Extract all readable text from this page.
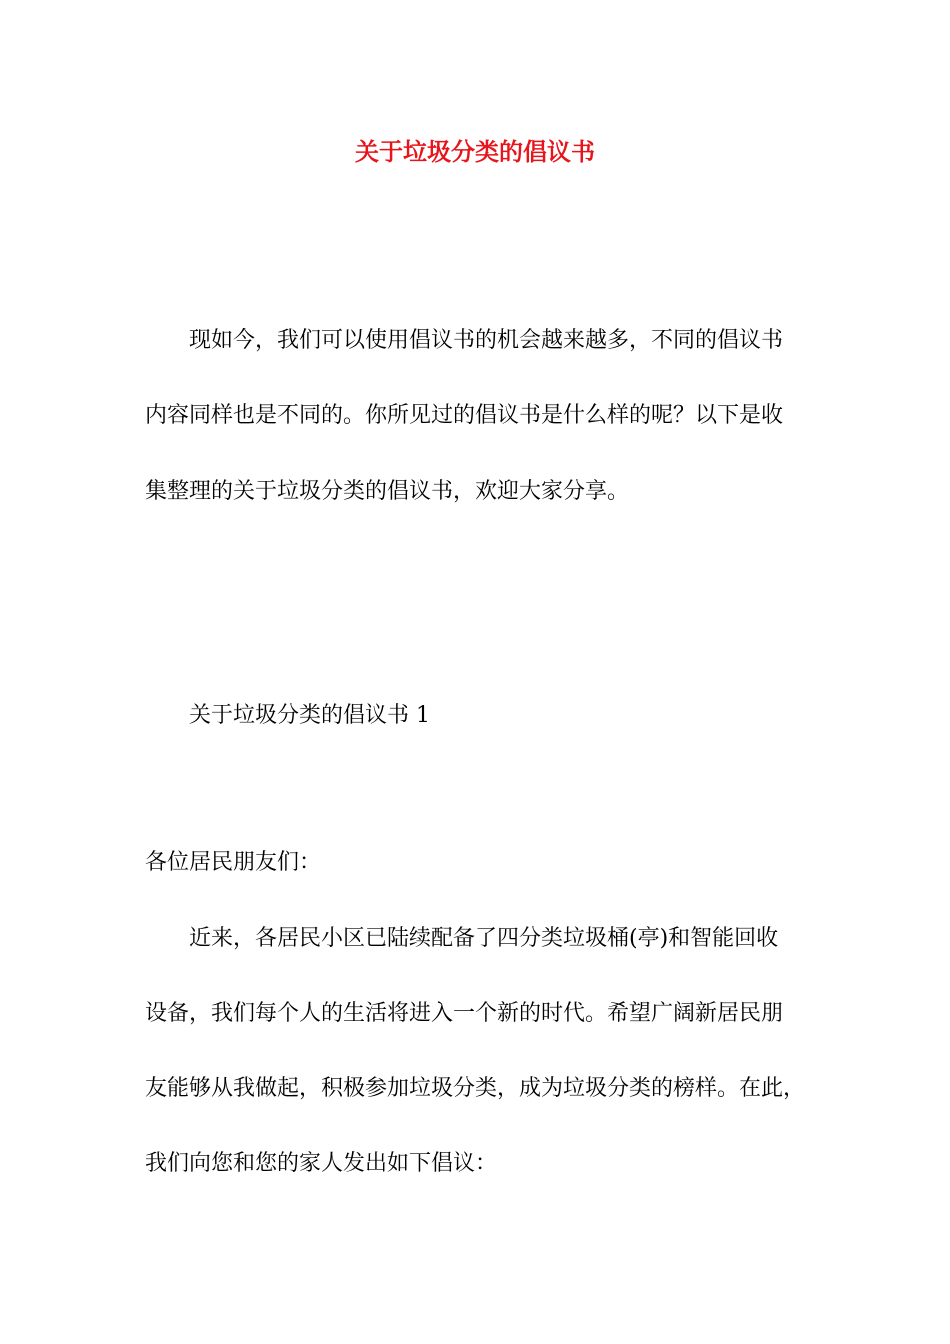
关于垃圾分类的倡议书

现如今，我们可以使用倡议书的机会越来越多，不同的倡议书

内容同样也是不同的。你所见过的倡议书是什么样的呢？以下是收

集整理的关于垃圾分类的倡议书，欢迎大家分享。

关于垃圾分类的倡议书 1

各位居民朋友们：

近来，各居民小区已陆续配备了四分类垃圾桶(亭)和智能回收

设备，我们每个人的生活将进入一个新的时代。希望广阔新居民朋

友能够从我做起，积极参加垃圾分类，成为垃圾分类的榜样。在此，

我们向您和您的家人发出如下倡议：
